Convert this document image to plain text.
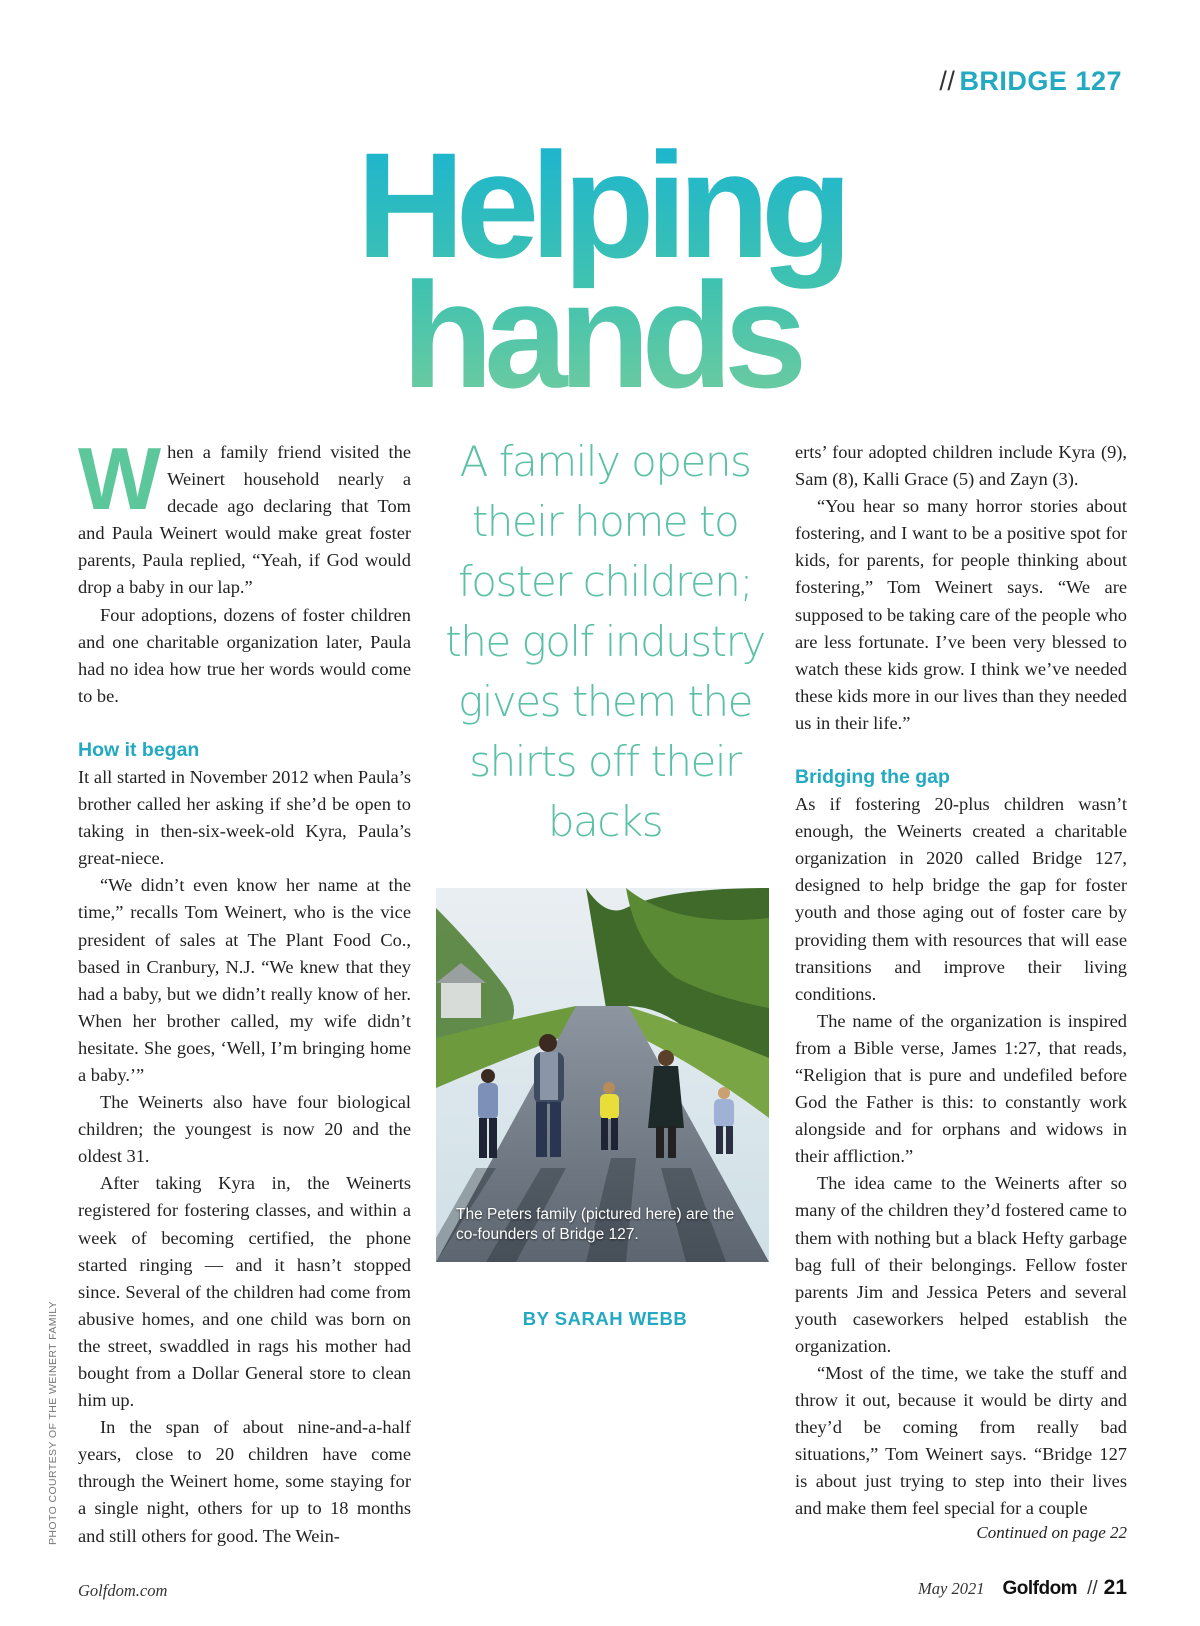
// BRIDGE 127
Helping
hands

When a family friend visited the Weinert household nearly a decade ago declaring that Tom and Paula Weinert would make great foster parents, Paula replied, “Yeah, if God would drop a baby in our lap.”

Four adoptions, dozens of foster children and one charitable organization later, Paula had no idea how true her words would come to be.

How it began

It all started in November 2012 when Paula’s brother called her asking if she’d be open to taking in then-six-week-old Kyra, Paula’s great-niece.

“We didn’t even know her name at the time,” recalls Tom Weinert, who is the vice president of sales at The Plant Food Co., based in Cranbury, N.J. “We knew that they had a baby, but we didn’t really know of her. When her brother called, my wife didn’t hesitate. She goes, ‘Well, I’m bringing home a baby.’”

The Weinerts also have four biological children; the youngest is now 20 and the oldest 31.

After taking Kyra in, the Weinerts registered for fostering classes, and within a week of becoming certified, the phone started ringing — and it hasn’t stopped since. Several of the children had come from abusive homes, and one child was born on the street, swaddled in rags his mother had bought from a Dollar General store to clean him up.

In the span of about nine-and-a-half years, close to 20 children have come through the Weinert home, some staying for a single night, others for up to 18 months and still others for good. The Wein-

A family opens their home to foster children; the golf industry gives them the shirts off their backs
The Peters family (pictured here) are the co-founders of Bridge 127.
BY SARAH WEBB

erts’ four adopted children include Kyra (9), Sam (8), Kalli Grace (5) and Zayn (3).

“You hear so many horror stories about fostering, and I want to be a positive spot for kids, for parents, for people thinking about fostering,” Tom Weinert says. “We are supposed to be taking care of the people who are less fortunate. I’ve been very blessed to watch these kids grow. I think we’ve needed these kids more in our lives than they needed us in their life.”

Bridging the gap

As if fostering 20-plus children wasn’t enough, the Weinerts created a charitable organization in 2020 called Bridge 127, designed to help bridge the gap for foster youth and those aging out of foster care by providing them with resources that will ease transitions and improve their living conditions.

The name of the organization is inspired from a Bible verse, James 1:27, that reads, “Religion that is pure and undefiled before God the Father is this: to constantly work alongside and for orphans and widows in their affliction.”

The idea came to the Weinerts after so many of the children they’d fostered came to them with nothing but a black Hefty garbage bag full of their belongings. Fellow foster parents Jim and Jessica Peters and several youth caseworkers helped establish the organization.

“Most of the time, we take the stuff and throw it out, because it would be dirty and they’d be coming from really bad situations,” Tom Weinert says. “Bridge 127 is about just trying to step into their lives and make them feel special for a couple

Continued on page 22
PHOTO COURTESY OF THE WEINERT FAMILY
Golfdom.com	May 2021 Golfdom // 21
